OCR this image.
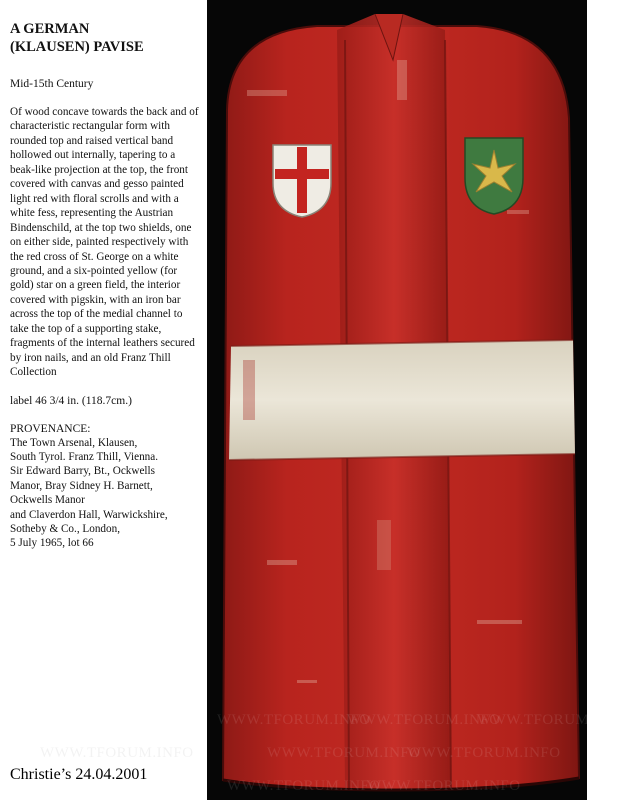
A GERMAN
(KLAUSEN) PAVISE
Mid-15th Century
Of wood concave towards the back and of characteristic rectangular form with rounded top and raised vertical band hollowed out internally, tapering to a beak-like projection at the top, the front covered with canvas and gesso painted light red with floral scrolls and with a white fess, representing the Austrian Bindenschild, at the top two shields, one on either side, painted respectively with the red cross of St. George on a white ground, and a six-pointed yellow (for gold) star on a green field, the interior covered with pigskin, with an iron bar across the top of the medial channel to take the top of a supporting stake, fragments of the internal leathers secured by iron nails, and an old Franz Thill Collection
label 46 3/4 in. (118.7cm.)
PROVENANCE:
The Town Arsenal, Klausen,
South Tyrol. Franz Thill, Vienna.
Sir Edward Barry, Bt., Ockwells
Manor, Bray Sidney H. Barnett,
Ockwells Manor
and Claverdon Hall, Warwickshire,
Sotheby & Co., London,
5 July 1965, lot 66
WWW.TFORUM.INFO
Christie’s 24.04.2001
